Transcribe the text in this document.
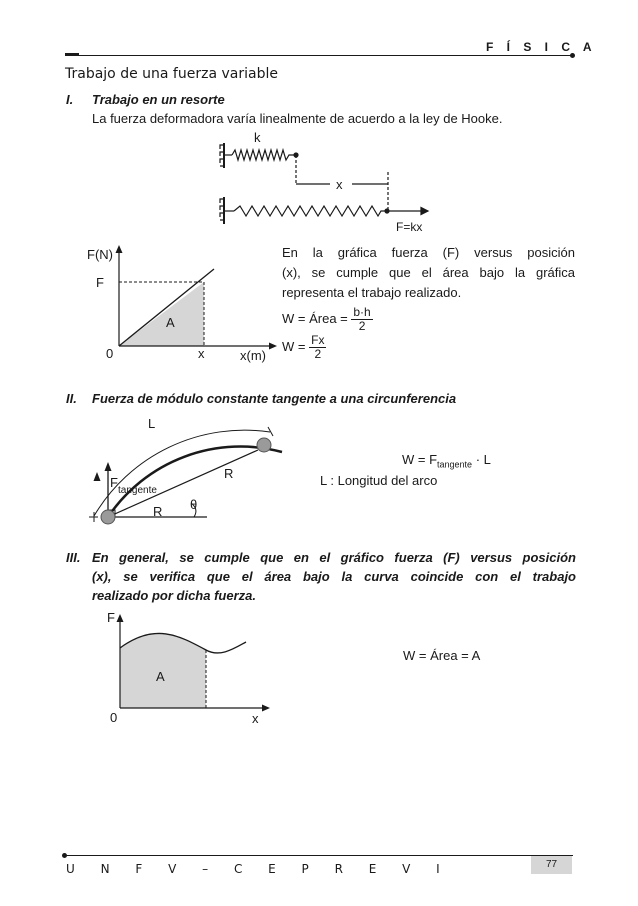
F Í S I C A
Trabajo de una fuerza variable
I. Trabajo en un resorte
La fuerza deformadora varía linealmente de acuerdo a la ley de Hooke.
k
x
F=kx
F(N)
F
A
0	x	x(m)
L
R
R θ
F
tangente
F
A
0	x
En la gráfica fuerza (F) versus posición
(x), se cumple que el área bajo la gráfica
representa el trabajo realizado.
W = Área = $\frac{b\cdot h}{2}$
$W = \frac{Fx}{2}$
II. Fuerza de módulo constante tangente a una circunferencia
$W = F_{tangente} \cdot L$
L : Longitud del arco
III. En general, se cumple que en el gráfico fuerza (F) versus posición
(x), se verifica que el área bajo la curva coincide con el trabajo
realizado por dicha fuerza.
W = Área = A
U N F V – C E P R E V I	77
